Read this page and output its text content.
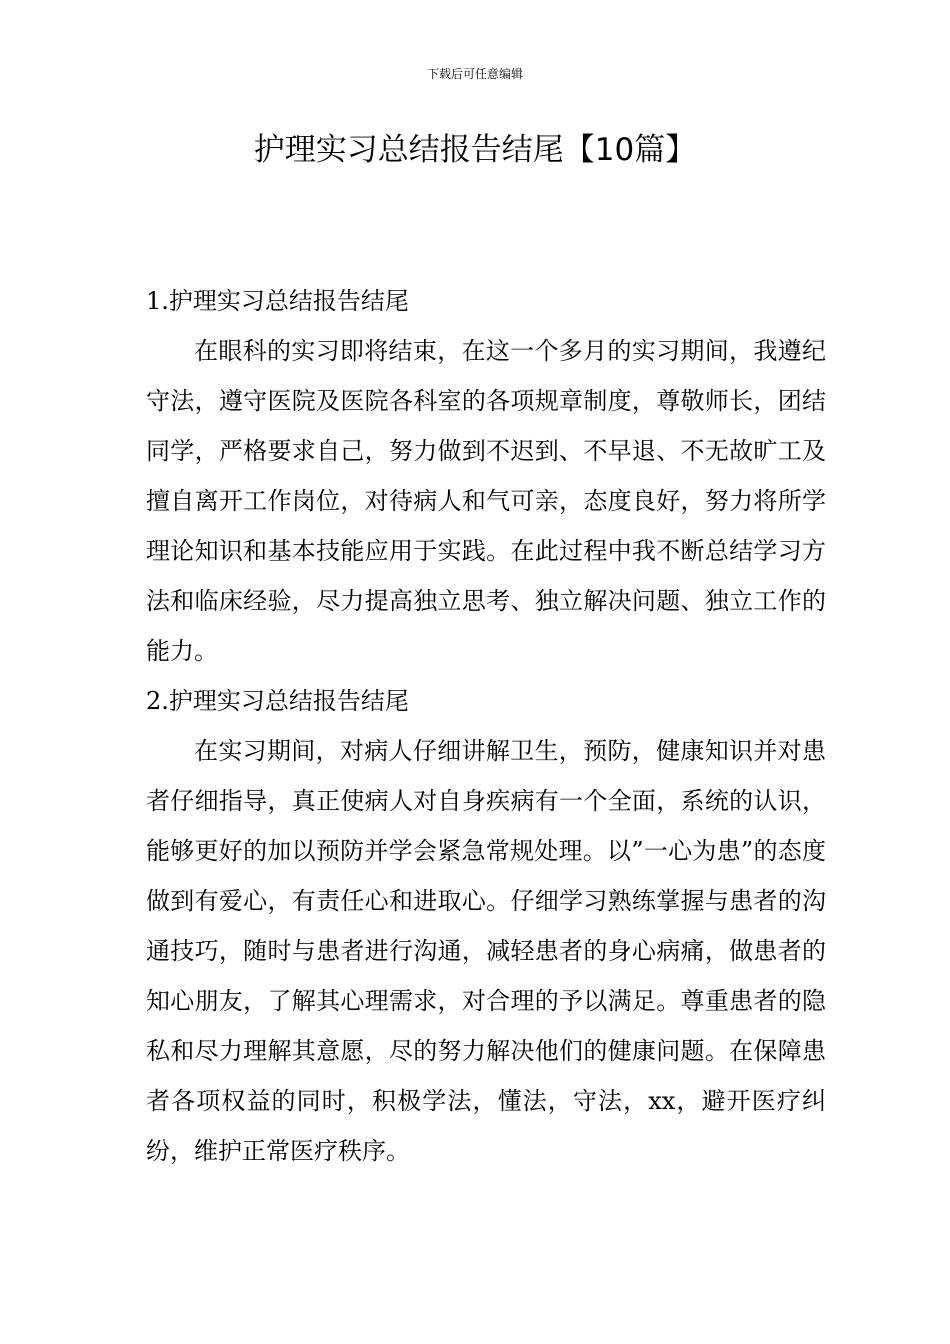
下载后可任意编辑
护理实习总结报告结尾【10篇】

1.护理实习总结报告结尾

在眼科的实习即将结束，在这一个多月的实习期间，我遵纪守法，遵守医院及医院各科室的各项规章制度，尊敬师长，团结同学，严格要求自己，努力做到不迟到、不早退、不无故旷工及擅自离开工作岗位，对待病人和气可亲，态度良好，努力将所学理论知识和基本技能应用于实践。在此过程中我不断总结学习方法和临床经验，尽力提高独立思考、独立解决问题、独立工作的能力。

2.护理实习总结报告结尾

在实习期间，对病人仔细讲解卫生，预防，健康知识并对患者仔细指导，真正使病人对自身疾病有一个全面，系统的认识，能够更好的加以预防并学会紧急常规处理。以”一心为患”的态度做到有爱心，有责任心和进取心。仔细学习熟练掌握与患者的沟通技巧，随时与患者进行沟通，减轻患者的身心病痛，做患者的知心朋友，了解其心理需求，对合理的予以满足。尊重患者的隐私和尽力理解其意愿，尽的努力解决他们的健康问题。在保障患者各项权益的同时，积极学法，懂法，守法，xx，避开医疗纠纷，维护正常医疗秩序。
